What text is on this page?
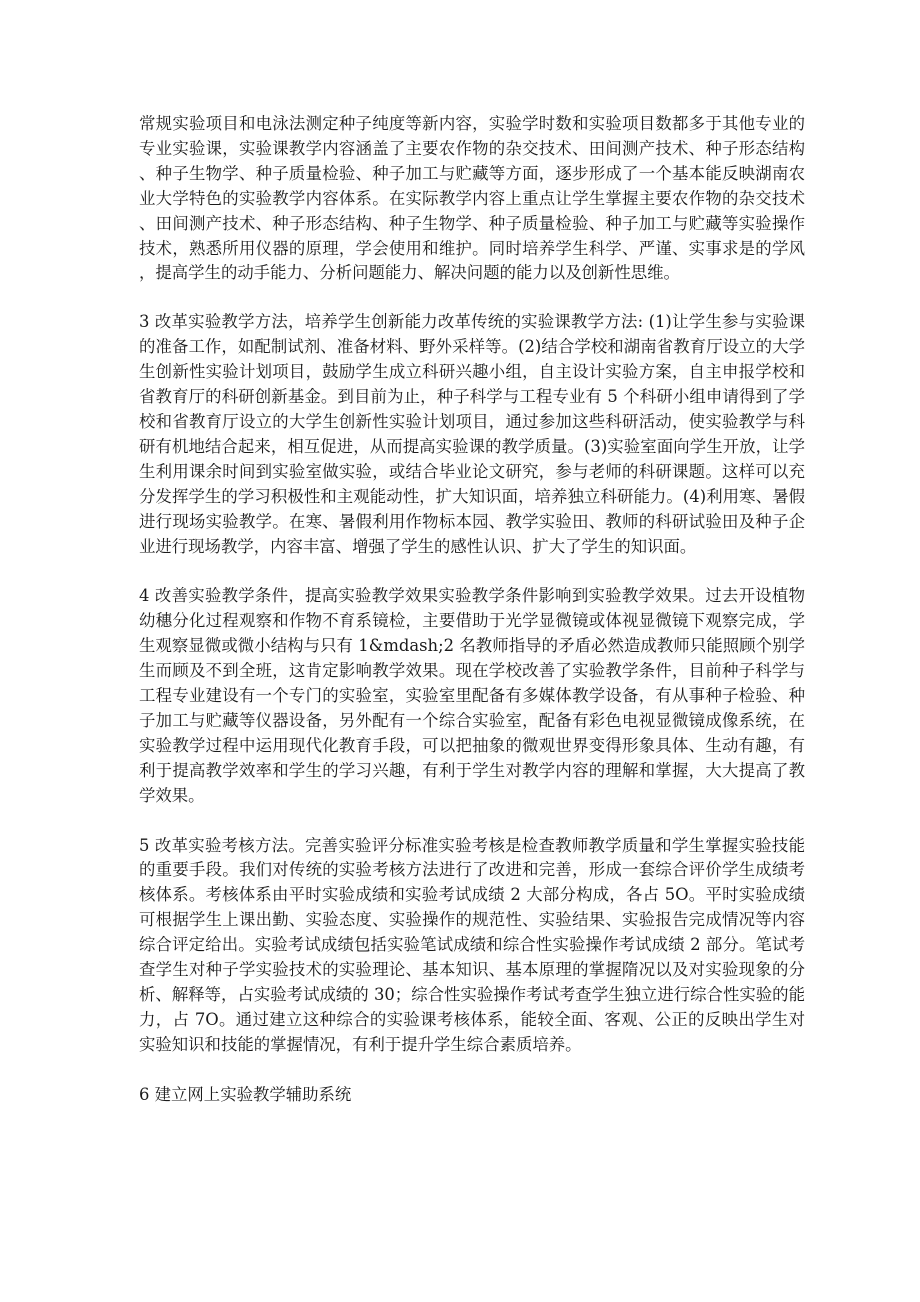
常规实验项目和电泳法测定种子纯度等新内容，实验学时数和实验项目数都多于其他专业的专业实验课，实验课教学内容涵盖了主要农作物的杂交技术、田间测产技术、种子形态结构、种子生物学、种子质量检验、种子加工与贮藏等方面，逐步形成了一个基本能反映湖南农业大学特色的实验教学内容体系。在实际教学内容上重点让学生掌握主要农作物的杂交技术、田间测产技术、种子形态结构、种子生物学、种子质量检验、种子加工与贮藏等实验操作技术，熟悉所用仪器的原理，学会使用和维护。同时培养学生科学、严谨、实事求是的学风，提高学生的动手能力、分析问题能力、解决问题的能力以及创新性思维。

3 改革实验教学方法，培养学生创新能力改革传统的实验课教学方法: (1)让学生参与实验课的准备工作，如配制试剂、准备材料、野外采样等。(2)结合学校和湖南省教育厅设立的大学生创新性实验计划项目，鼓励学生成立科研兴趣小组，自主设计实验方案，自主申报学校和省教育厅的科研创新基金。到目前为止，种子科学与工程专业有 5 个科研小组申请得到了学校和省教育厅设立的大学生创新性实验计划项目，通过参加这些科研活动，使实验教学与科研有机地结合起来，相互促进，从而提高实验课的教学质量。(3)实验室面向学生开放，让学生利用课余时间到实验室做实验，或结合毕业论文研究，参与老师的科研课题。这样可以充分发挥学生的学习积极性和主观能动性，扩大知识面，培养独立科研能力。(4)利用寒、暑假进行现场实验教学。在寒、暑假利用作物标本园、教学实验田、教师的科研试验田及种子企业进行现场教学，内容丰富、增强了学生的感性认识、扩大了学生的知识面。

4 改善实验教学条件，提高实验教学效果实验教学条件影响到实验教学效果。过去开设植物幼穗分化过程观察和作物不育系镜检，主要借助于光学显微镜或体视显微镜下观察完成，学生观察显微或微小结构与只有 1&mdash;2 名教师指导的矛盾必然造成教师只能照顾个别学生而顾及不到全班，这肯定影响教学效果。现在学校改善了实验教学条件，目前种子科学与工程专业建设有一个专门的实验室，实验室里配备有多媒体教学设备，有从事种子检验、种子加工与贮藏等仪器设备，另外配有一个综合实验室，配备有彩色电视显微镜成像系统，在实验教学过程中运用现代化教育手段，可以把抽象的微观世界变得形象具体、生动有趣，有利于提高教学效率和学生的学习兴趣，有利于学生对教学内容的理解和掌握，大大提高了教学效果。

5 改革实验考核方法。完善实验评分标准实验考核是检查教师教学质量和学生掌握实验技能的重要手段。我们对传统的实验考核方法进行了改进和完善，形成一套综合评价学生成绩考核体系。考核体系由平时实验成绩和实验考试成绩 2 大部分构成，各占 5O。平时实验成绩可根据学生上课出勤、实验态度、实验操作的规范性、实验结果、实验报告完成情况等内容综合评定给出。实验考试成绩包括实验笔试成绩和综合性实验操作考试成绩 2 部分。笔试考查学生对种子学实验技术的实验理论、基本知识、基本原理的掌握隋况以及对实验现象的分析、解释等，占实验考试成绩的 30；综合性实验操作考试考查学生独立进行综合性实验的能力，占 7O。通过建立这种综合的实验课考核体系，能较全面、客观、公正的反映出学生对实验知识和技能的掌握情况，有利于提升学生综合素质培养。

6 建立网上实验教学辅助系统
